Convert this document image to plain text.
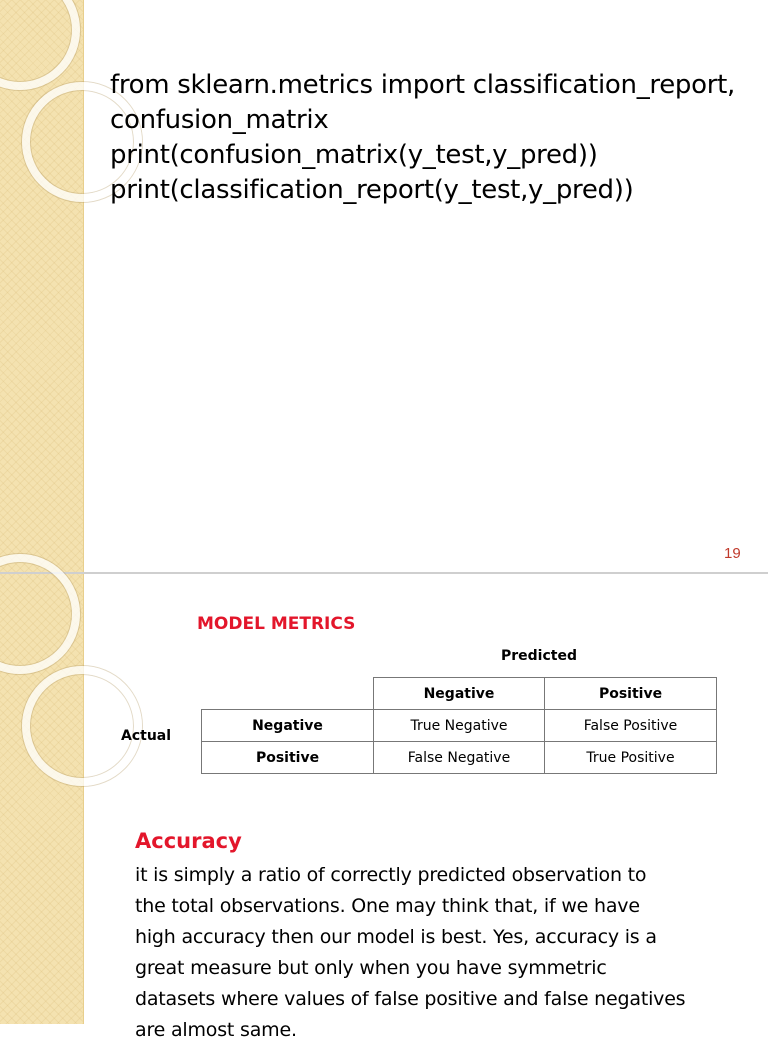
from sklearn.metrics import classification_report,
confusion_matrix
print(confusion_matrix(y_test,y_pred))
print(classification_report(y_test,y_pred))
19
MODEL METRICS
Predicted
Actual
	Negative	Positive
Negative	True Negative	False Positive
Positive	False Negative	True Positive
Accuracy
it is simply a ratio of correctly predicted observation to
the total observations. One may think that, if we have
high accuracy then our model is best. Yes, accuracy is a
great measure but only when you have symmetric
datasets where values of false positive and false negatives
are almost same.
